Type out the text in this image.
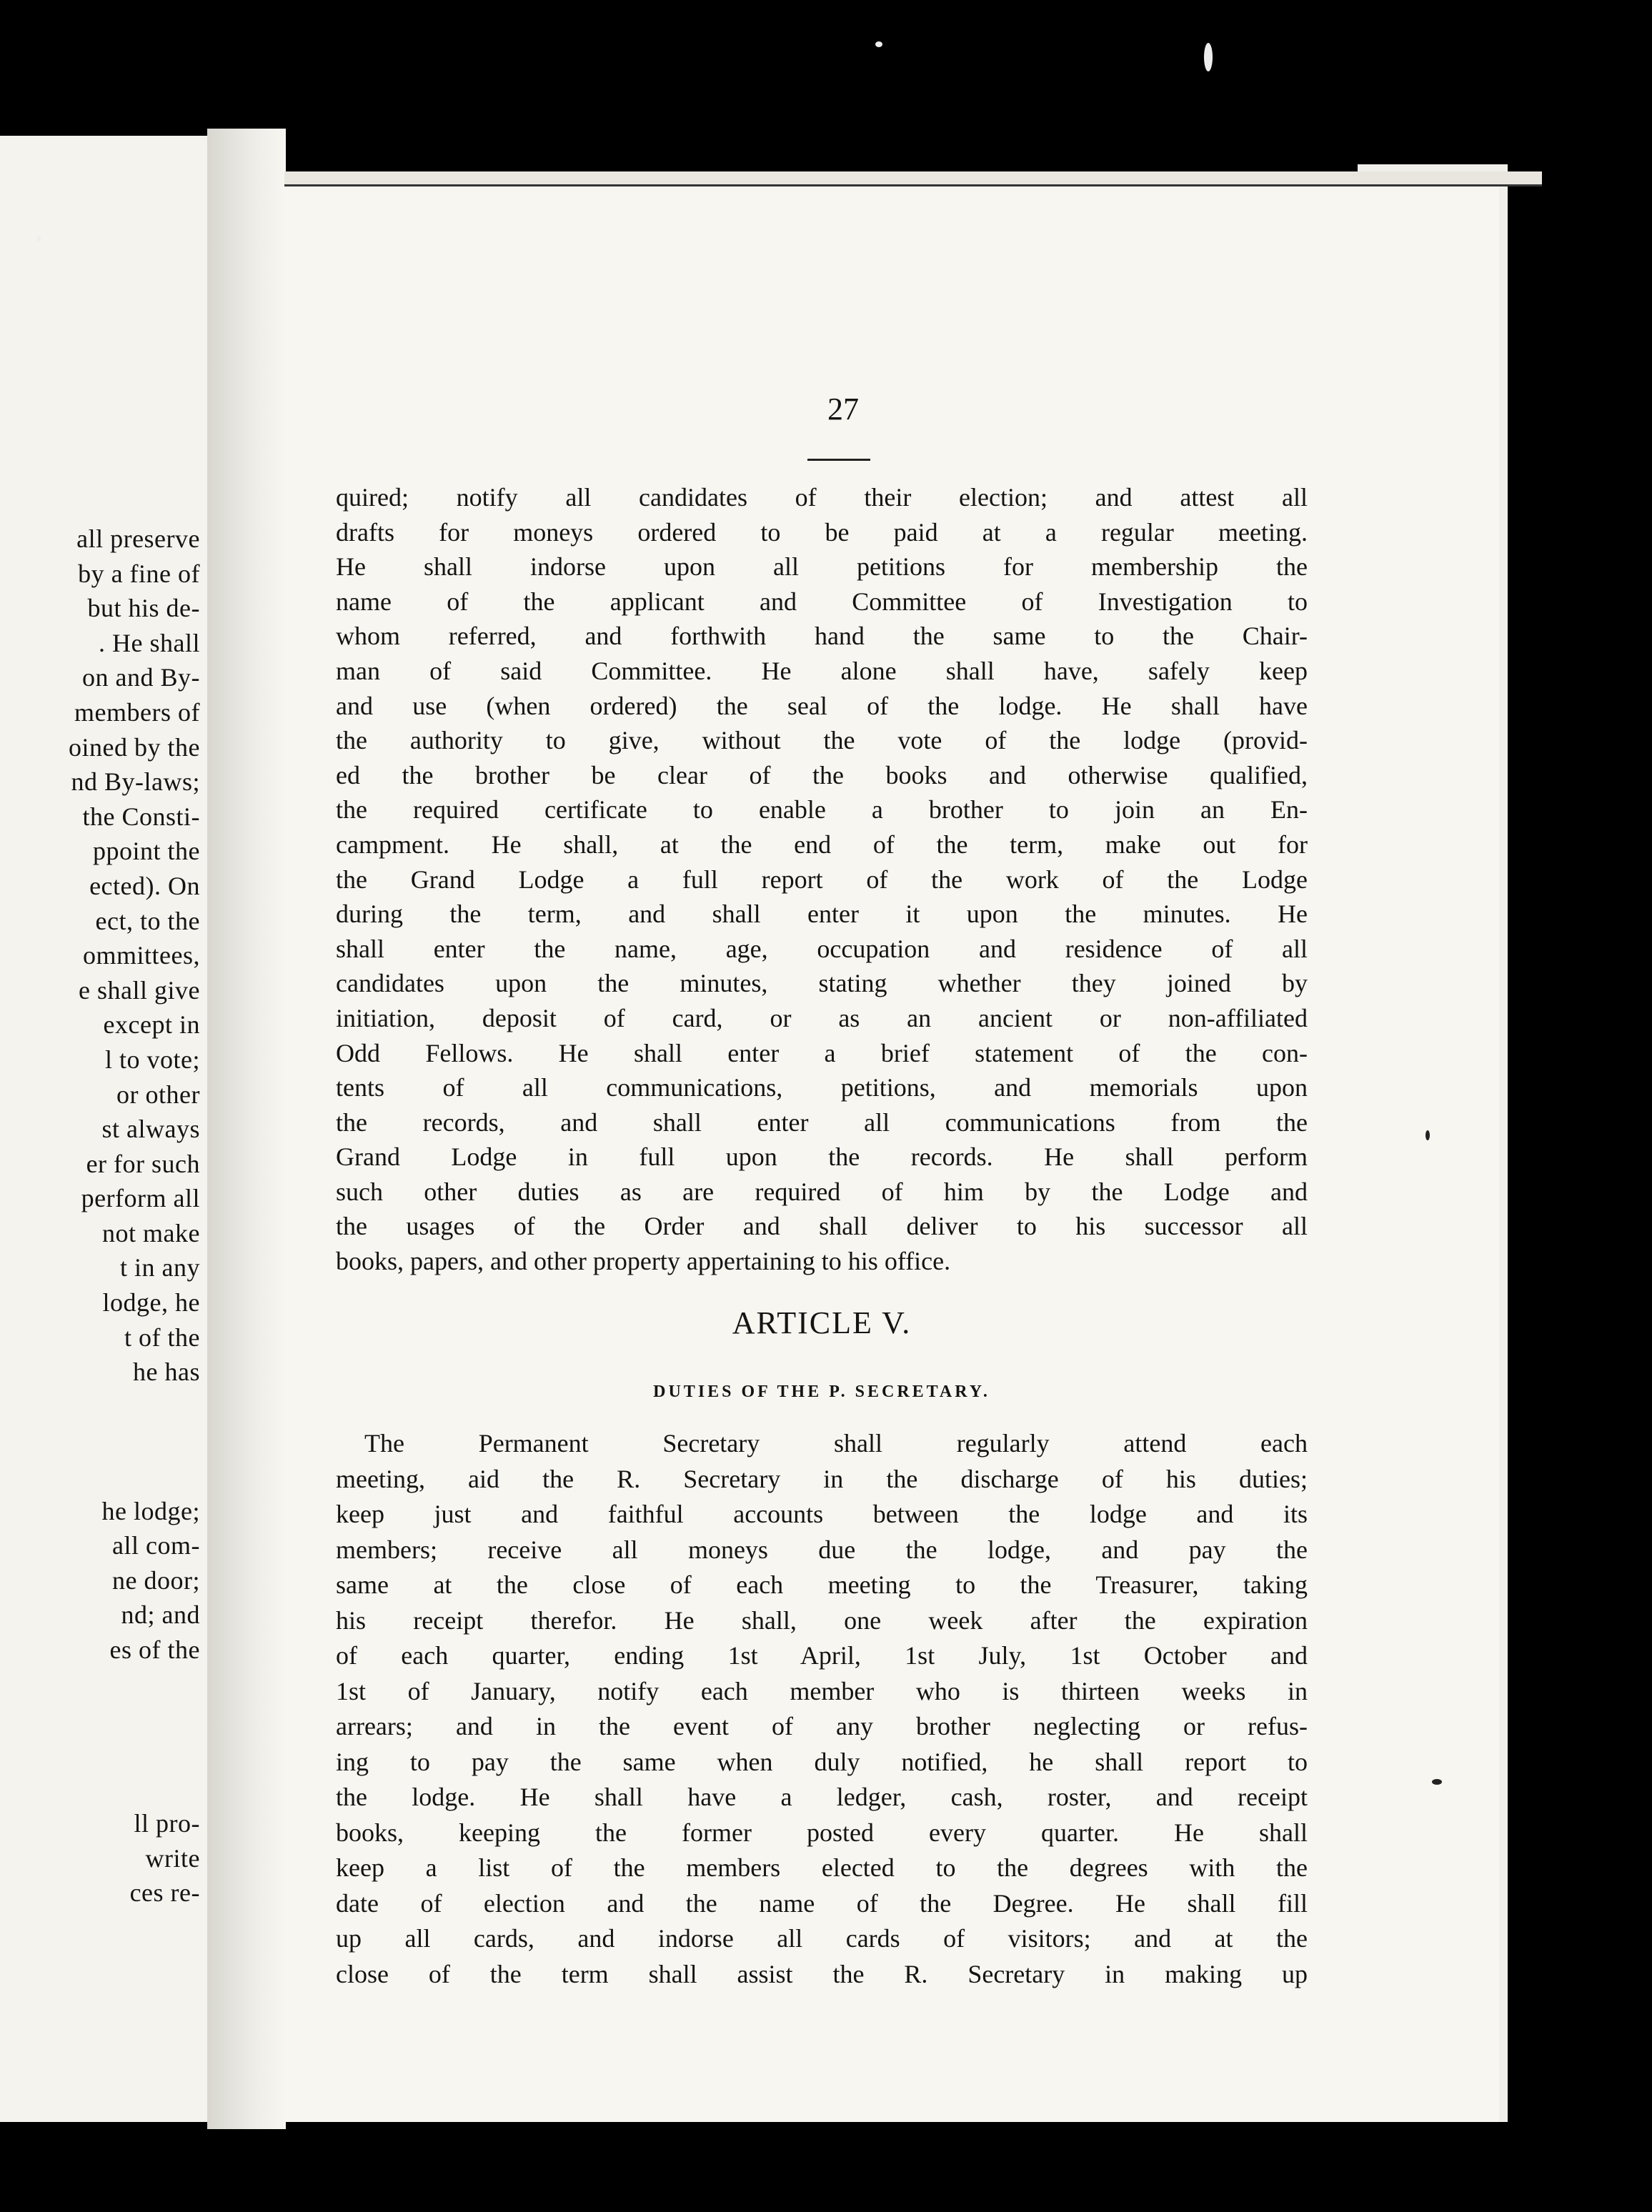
all preserve
by a fine of
but his de-
. He shall
on and By-
members of
oined by the
nd By-laws;
the Consti-
ppoint the
ected). On
ect, to the
ommittees,
e shall give
except in
l to vote;
or other
st always
er for such
perform all
not make
t in any
lodge, he
t of the
he has
he lodge;
all com-
ne door;
nd; and
es of the
ll pro-
write
ces re-
27
quired; notify all candidates of their election; and attest all
drafts for moneys ordered to be paid at a regular meeting.
He shall indorse upon all petitions for membership the
name of the applicant and Committee of Investigation to
whom referred, and forthwith hand the same to the Chair-
man of said Committee. He alone shall have, safely keep
and use (when ordered) the seal of the lodge. He shall have
the authority to give, without the vote of the lodge (provid-
ed the brother be clear of the books and otherwise qualified,
the required certificate to enable a brother to join an En-
campment. He shall, at the end of the term, make out for
the Grand Lodge a full report of the work of the Lodge
during the term, and shall enter it upon the minutes. He
shall enter the name, age, occupation and residence of all
candidates upon the minutes, stating whether they joined by
initiation, deposit of card, or as an ancient or non-affiliated
Odd Fellows. He shall enter a brief statement of the con-
tents of all communications, petitions, and memorials upon
the records, and shall enter all communications from the
Grand Lodge in full upon the records. He shall perform
such other duties as are required of him by the Lodge and
the usages of the Order and shall deliver to his successor all
books, papers, and other property appertaining to his office.
ARTICLE V.
DUTIES OF THE P. SECRETARY.
The Permanent Secretary shall regularly attend each
meeting, aid the R. Secretary in the discharge of his duties;
keep just and faithful accounts between the lodge and its
members; receive all moneys due the lodge, and pay the
same at the close of each meeting to the Treasurer, taking
his receipt therefor. He shall, one week after the expiration
of each quarter, ending 1st April, 1st July, 1st October and
1st of January, notify each member who is thirteen weeks in
arrears; and in the event of any brother neglecting or refus-
ing to pay the same when duly notified, he shall report to
the lodge. He shall have a ledger, cash, roster, and receipt
books, keeping the former posted every quarter. He shall
keep a list of the members elected to the degrees with the
date of election and the name of the Degree. He shall fill
up all cards, and indorse all cards of visitors; and at the
close of the term shall assist the R. Secretary in making up
